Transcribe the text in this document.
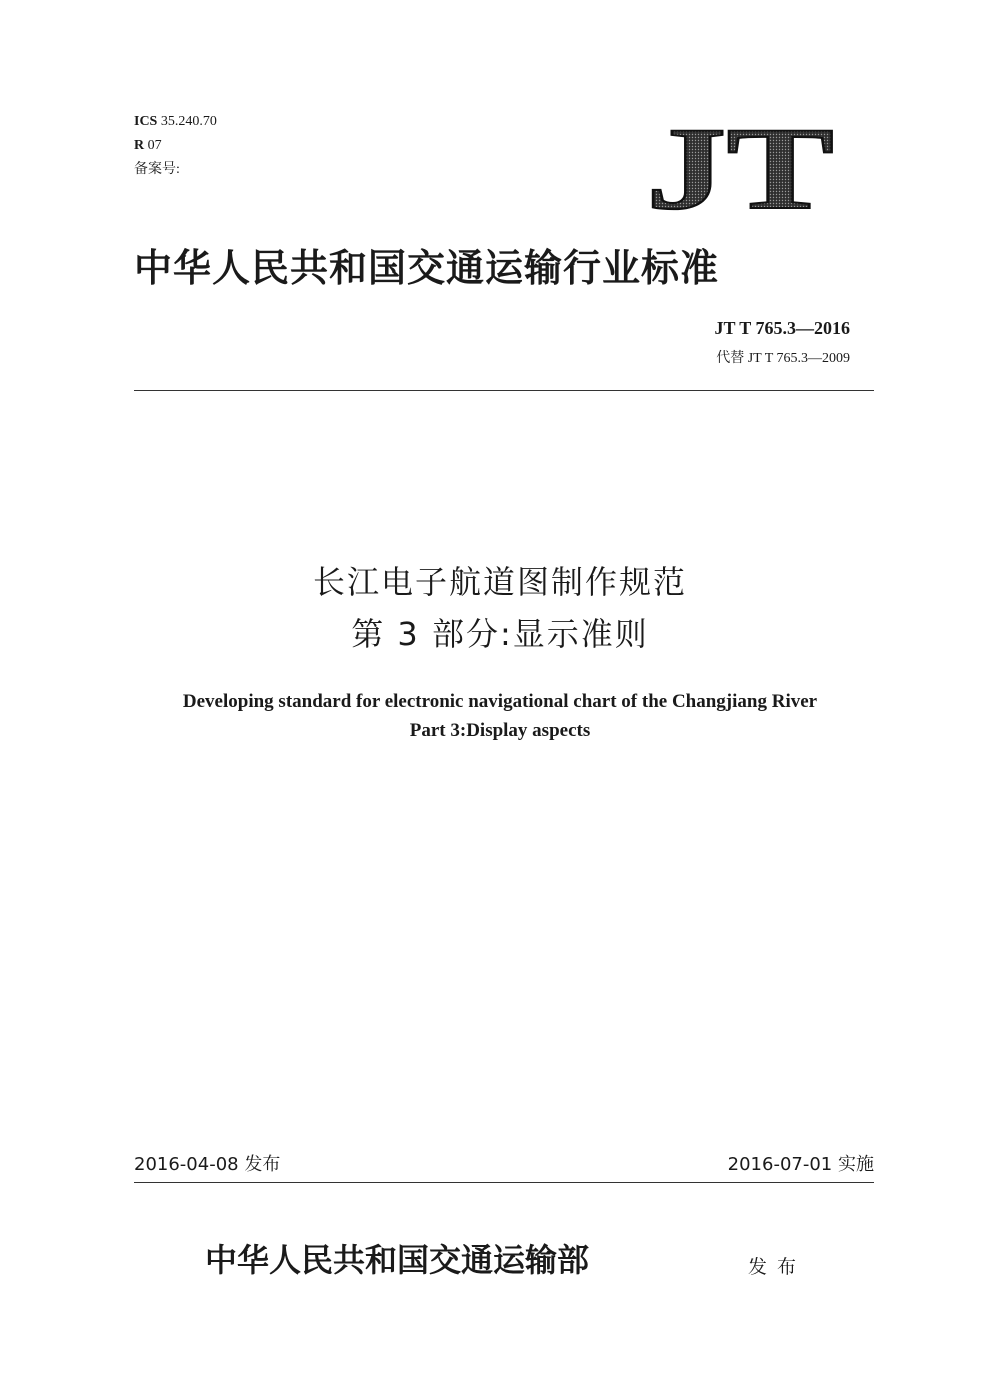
ICS 35.240.70
R 07
备案号:	JT
中华人民共和国交通运输行业标准
JT T 765.3—2016
代替 JT T 765.3—2009
长江电子航道图制作规范
第 3 部分:显示准则
Developing standard for electronic navigational chart of the Changjiang River
Part 3:Display aspects
2016-04-08 发布	2016-07-01 实施
中华人民共和国交通运输部	发布
